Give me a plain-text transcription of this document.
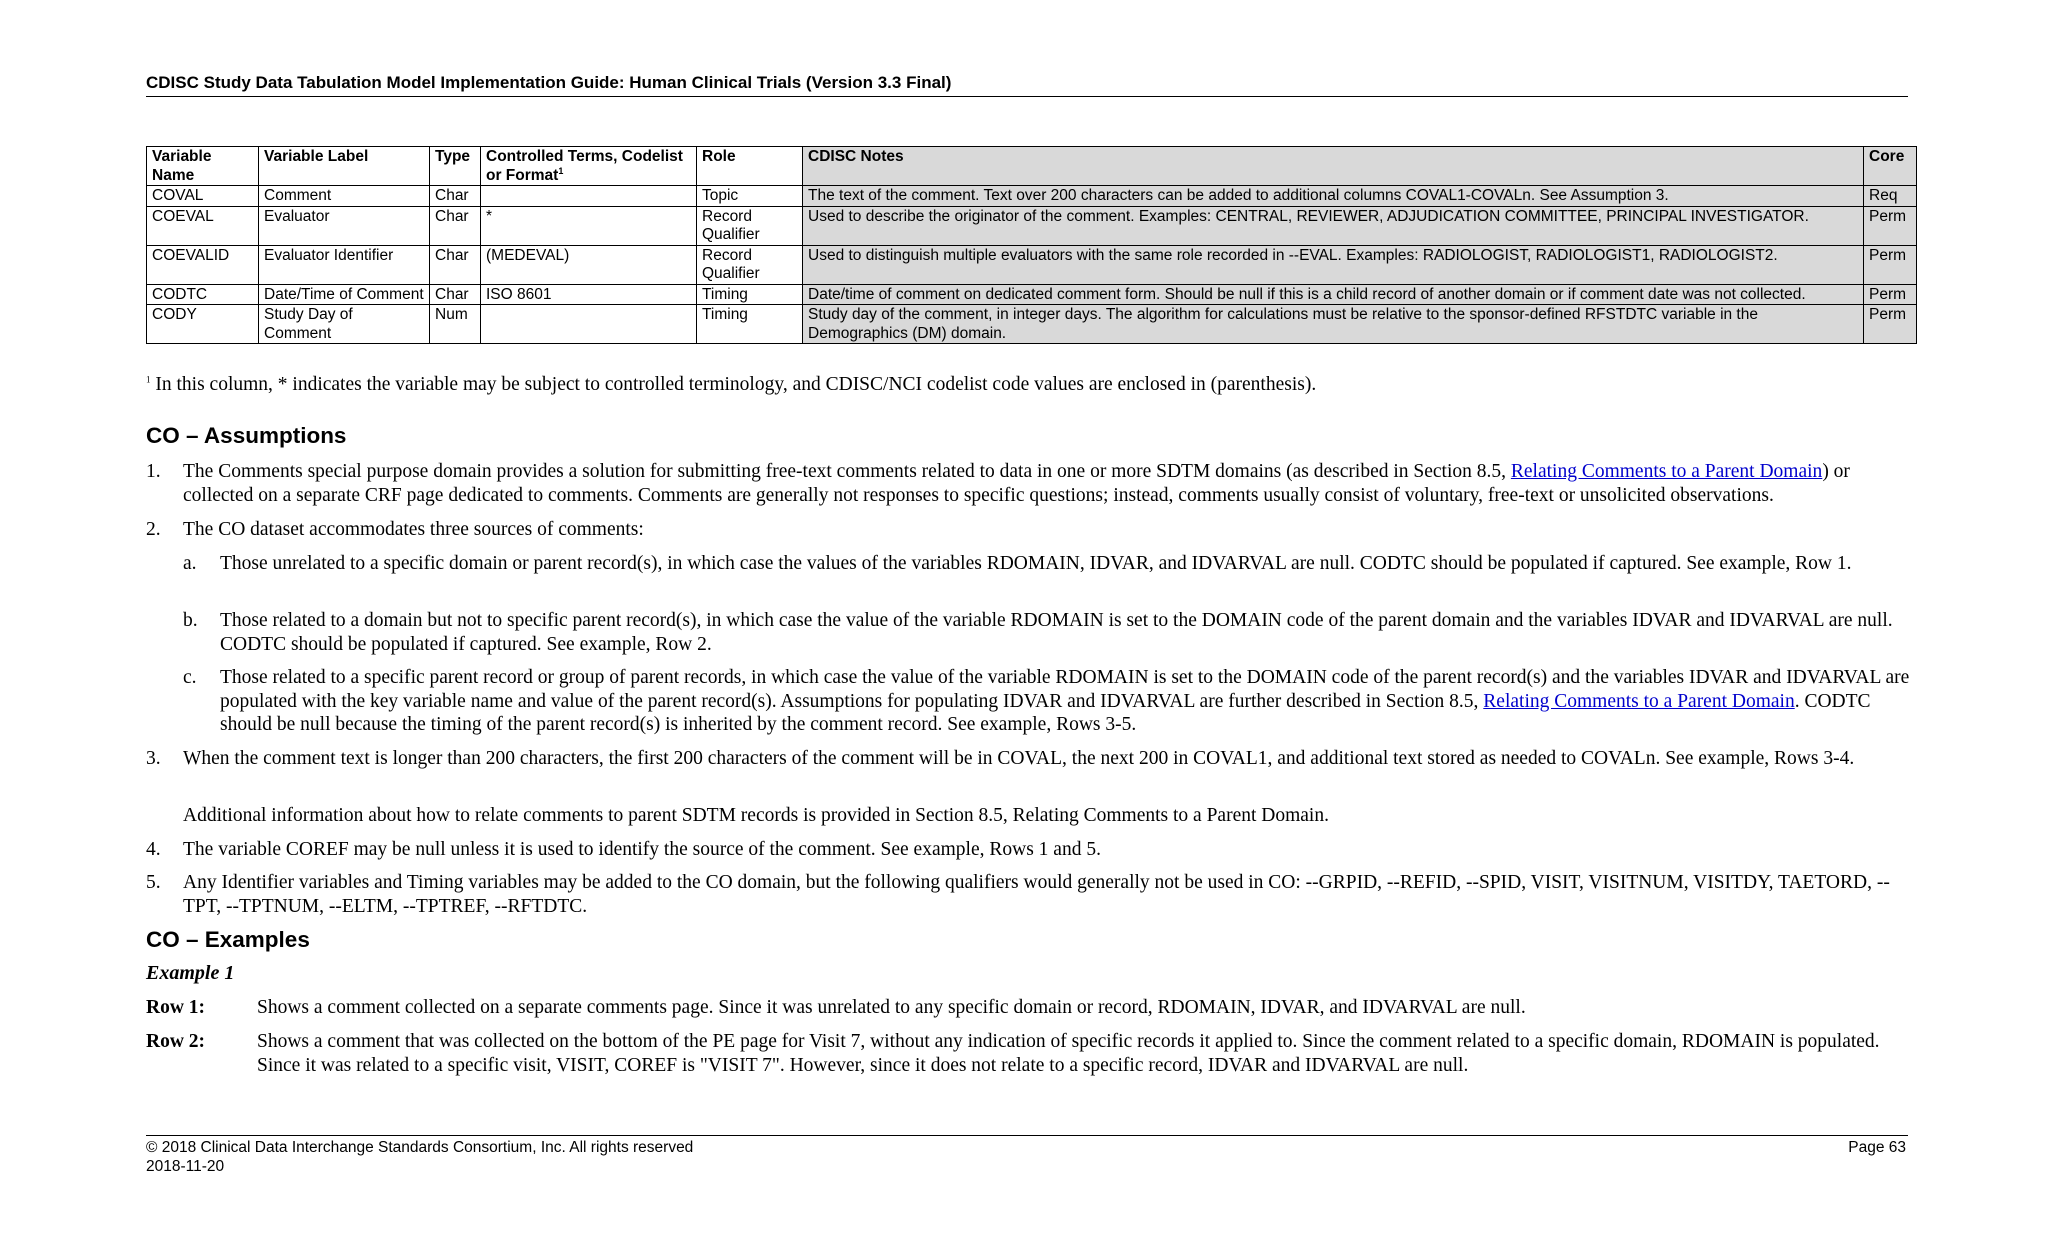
CDISC Study Data Tabulation Model Implementation Guide: Human Clinical Trials (Version 3.3 Final)
Variable Name	Variable Label	Type	Controlled Terms, Codelist or Format$^1$	Role	CDISC Notes	Core
COVAL	Comment	Char		Topic	The text of the comment. Text over 200 characters can be added to additional columns COVAL1-COVALn. See Assumption 3.	Req
COEVAL	Evaluator	Char	*	Record Qualifier	Used to describe the originator of the comment. Examples: CENTRAL, REVIEWER, ADJUDICATION COMMITTEE, PRINCIPAL INVESTIGATOR.	Perm
COEVALID	Evaluator Identifier	Char	(MEDEVAL)	Record Qualifier	Used to distinguish multiple evaluators with the same role recorded in --EVAL. Examples: RADIOLOGIST, RADIOLOGIST1, RADIOLOGIST2.	Perm
CODTC	Date/Time of Comment	Char	ISO 8601	Timing	Date/time of comment on dedicated comment form. Should be null if this is a child record of another domain or if comment date was not collected.	Perm
CODY	Study Day of Comment	Num		Timing	Study day of the comment, in integer days. The algorithm for calculations must be relative to the sponsor-defined RFSTDTC variable in the Demographics (DM) domain.	Perm
$^1$ In this column, * indicates the variable may be subject to controlled terminology, and CDISC/NCI codelist code values are enclosed in (parenthesis).
CO – Assumptions
1. The Comments special purpose domain provides a solution for submitting free-text comments related to data in one or more SDTM domains (as described in Section 8.5, Relating Comments to a Parent Domain) or collected on a separate CRF page dedicated to comments. Comments are generally not responses to specific questions; instead, comments usually consist of voluntary, free-text or unsolicited observations.
2. The CO dataset accommodates three sources of comments:
a. Those unrelated to a specific domain or parent record(s), in which case the values of the variables RDOMAIN, IDVAR, and IDVARVAL are null. CODTC should be populated if captured. See example, Row 1.
b. Those related to a domain but not to specific parent record(s), in which case the value of the variable RDOMAIN is set to the DOMAIN code of the parent domain and the variables IDVAR and IDVARVAL are null. CODTC should be populated if captured. See example, Row 2.
c. Those related to a specific parent record or group of parent records, in which case the value of the variable RDOMAIN is set to the DOMAIN code of the parent record(s) and the variables IDVAR and IDVARVAL are populated with the key variable name and value of the parent record(s). Assumptions for populating IDVAR and IDVARVAL are further described in Section 8.5, Relating Comments to a Parent Domain. CODTC should be null because the timing of the parent record(s) is inherited by the comment record. See example, Rows 3-5.
3. When the comment text is longer than 200 characters, the first 200 characters of the comment will be in COVAL, the next 200 in COVAL1, and additional text stored as needed to COVALn. See example, Rows 3-4.
Additional information about how to relate comments to parent SDTM records is provided in Section 8.5, Relating Comments to a Parent Domain.
4. The variable COREF may be null unless it is used to identify the source of the comment. See example, Rows 1 and 5.
5. Any Identifier variables and Timing variables may be added to the CO domain, but the following qualifiers would generally not be used in CO: --GRPID, --REFID, --SPID, VISIT, VISITNUM, VISITDY, TAETORD, --TPT, --TPTNUM, --ELTM, --TPTREF, --RFTDTC.
CO – Examples
Example 1
Row 1:	Shows a comment collected on a separate comments page. Since it was unrelated to any specific domain or record, RDOMAIN, IDVAR, and IDVARVAL are null.
Row 2:	Shows a comment that was collected on the bottom of the PE page for Visit 7, without any indication of specific records it applied to. Since the comment related to a specific domain, RDOMAIN is populated. Since it was related to a specific visit, VISIT, COREF is "VISIT 7". However, since it does not relate to a specific record, IDVAR and IDVARVAL are null.
© 2018 Clinical Data Interchange Standards Consortium, Inc. All rights reserved
2018-11-20
Page 63
